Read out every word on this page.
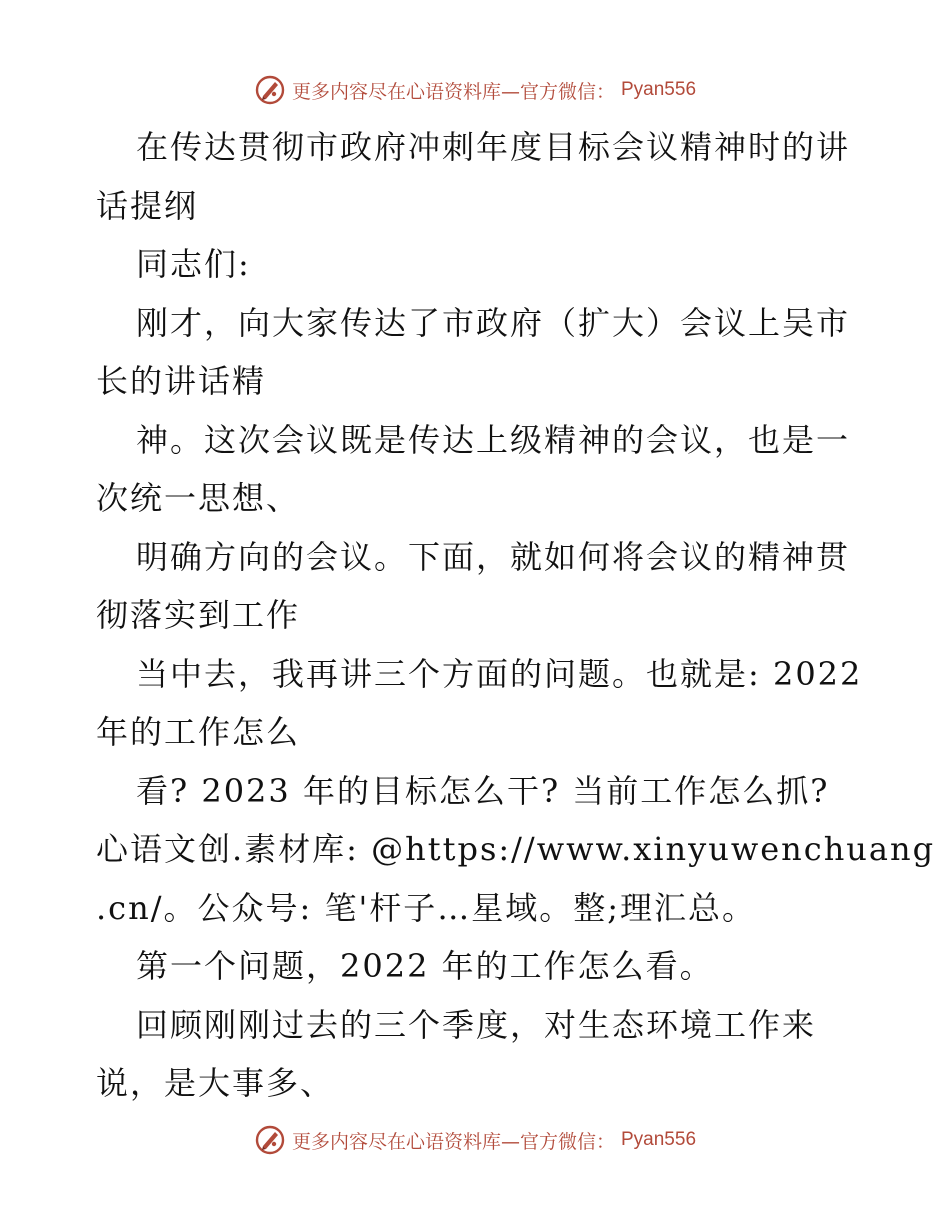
更多内容尽在心语资料库—官方微信： Pyan556
在传达贯彻市政府冲刺年度目标会议精神时的讲
话提纲
同志们:
刚才，向大家传达了市政府（扩大）会议上吴市
长的讲话精
神。这次会议既是传达上级精神的会议，也是一
次统一思想、
明确方向的会议。下面，就如何将会议的精神贯
彻落实到工作
当中去，我再讲三个方面的问题。也就是: 2022
年的工作怎么
看? 2023 年的目标怎么干? 当前工作怎么抓?
心语文创.素材库: @https://www.xinyuwenchuang
.cn/。公众号: 笔'杆子…星域。整;理汇总。
第一个问题，2022 年的工作怎么看。
回顾刚刚过去的三个季度，对生态环境工作来
说，是大事多、
更多内容尽在心语资料库—官方微信： Pyan556
